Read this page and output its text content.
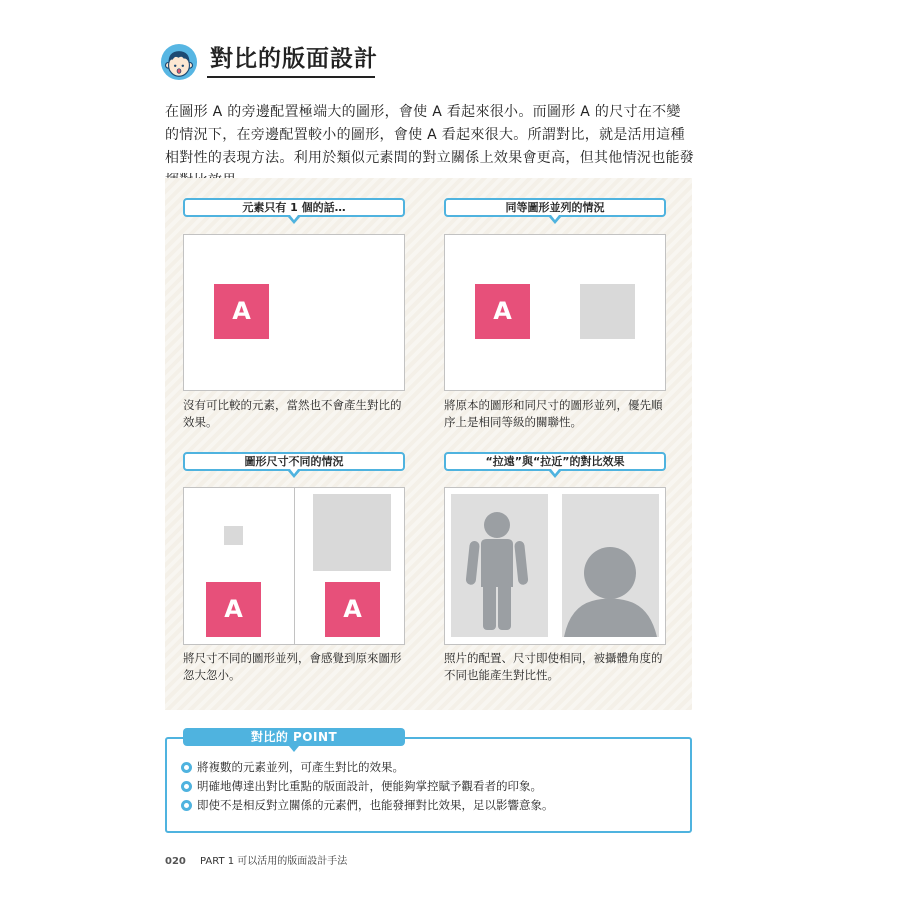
對比的版面設計

在圖形 A 的旁邊配置極端大的圖形，會使 A 看起來很小。而圖形 A 的尺寸在不變的情況下，在旁邊配置較小的圖形，會使 A 看起來很大。所謂對比，就是活用這種相對性的表現方法。利用於類似元素間的對立關係上效果會更高，但其他情況也能發

元素只有 1 個的話…
A

沒有可比較的元素，當然也不會產生對比的效果。

同等圖形並列的情況
A

將原本的圖形和同尺寸的圖形並列，優先順序上是相同等級的關聯性。

圖形尺寸不同的情況
A	A

將尺寸不同的圖形並列，會感覺到原來圖形忽大忽小。

“拉遠”與“拉近”的對比效果

照片的配置、尺寸即使相同，被攝體角度的不同也能產生對比性。

對比的 POINT
將複數的元素並列，可產生對比的效果。
明確地傳達出對比重點的版面設計，便能夠掌控賦予觀看者的印象。
即使不是相反對立關係的元素們，也能發揮對比效果，足以影響意象。
020 PART 1 可以活用的版面設計手法
